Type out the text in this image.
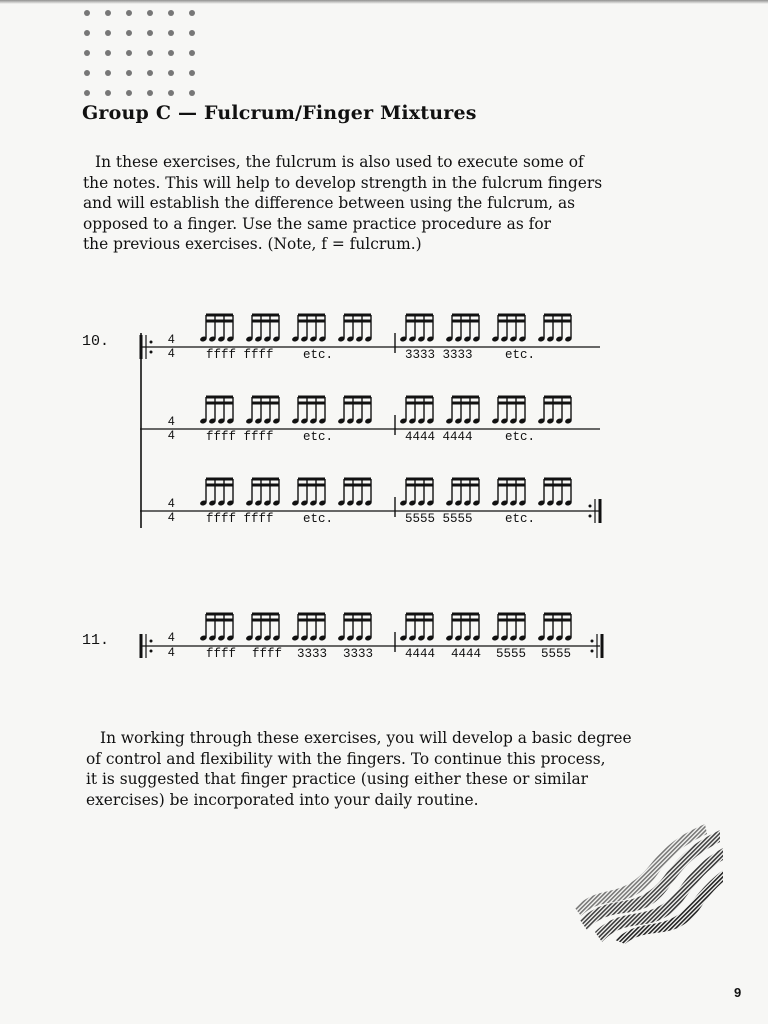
Group C — Fulcrum/Finger Mixtures
In these exercises, the fulcrum is also used to execute some of
the notes. This will help to develop strength in the fulcrum fingers
and will establish the difference between using the fulcrum, as
opposed to a finger. Use the same practice procedure as for
the previous exercises. (Note, f = fulcrum.)
10.
11.
4
4
4
4
4
4
ffff ffff etc.	3333 3333	etc.
ffff ffff etc.	4444 4444	etc.
ffff ffff etc.	5555 5555	etc.
4
4	ffff ffff 3333 3333	4444 4444 5555 5555
In working through these exercises, you will develop a basic degree
of control and flexibility with the fingers. To continue this process,
it is suggested that finger practice (using either these or similar
exercises) be incorporated into your daily routine.
9
